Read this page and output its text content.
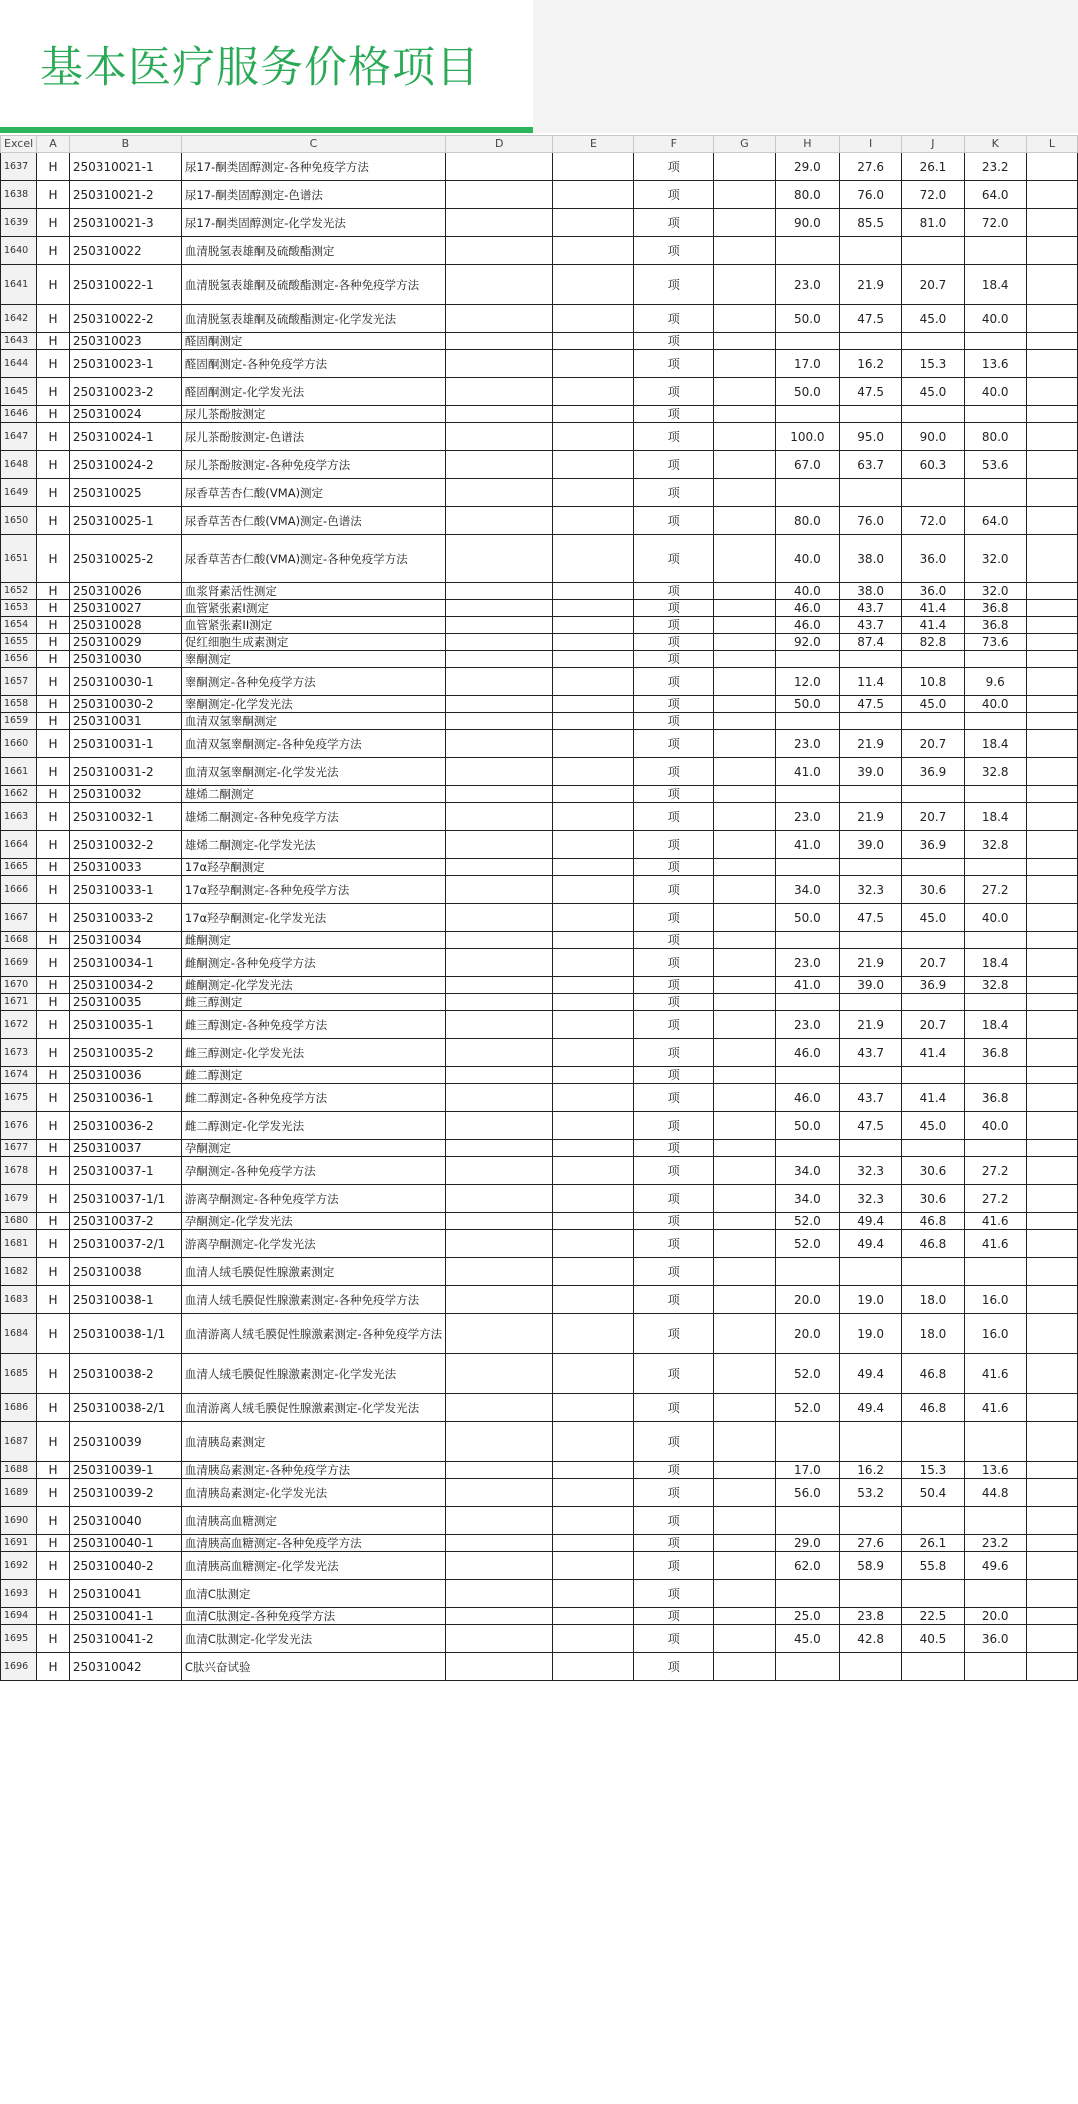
基本医疗服务价格项目
Excel	A	B	C	D	E	F	G	H	I	J	K	L
1637	H	250310021-1	尿17-酮类固醇测定-各种免疫学方法			项		29.0	27.6	26.1	23.2	
1638	H	250310021-2	尿17-酮类固醇测定-色谱法			项		80.0	76.0	72.0	64.0	
1639	H	250310021-3	尿17-酮类固醇测定-化学发光法			项		90.0	85.5	81.0	72.0	
1640	H	250310022	血清脱氢表雄酮及硫酸酯测定			项						
1641	H	250310022-1	血清脱氢表雄酮及硫酸酯测定-各种免疫学方法			项		23.0	21.9	20.7	18.4	
1642	H	250310022-2	血清脱氢表雄酮及硫酸酯测定-化学发光法			项		50.0	47.5	45.0	40.0	
1643	H	250310023	醛固酮测定			项						
1644	H	250310023-1	醛固酮测定-各种免疫学方法			项		17.0	16.2	15.3	13.6	
1645	H	250310023-2	醛固酮测定-化学发光法			项		50.0	47.5	45.0	40.0	
1646	H	250310024	尿儿茶酚胺测定			项						
1647	H	250310024-1	尿儿茶酚胺测定-色谱法			项		100.0	95.0	90.0	80.0	
1648	H	250310024-2	尿儿茶酚胺测定-各种免疫学方法			项		67.0	63.7	60.3	53.6	
1649	H	250310025	尿香草苦杏仁酸(VMA)测定			项						
1650	H	250310025-1	尿香草苦杏仁酸(VMA)测定-色谱法			项		80.0	76.0	72.0	64.0	
1651	H	250310025-2	尿香草苦杏仁酸(VMA)测定-各种免疫学方法			项		40.0	38.0	36.0	32.0	
1652	H	250310026	血浆肾素活性测定			项		40.0	38.0	36.0	32.0	
1653	H	250310027	血管紧张素I测定			项		46.0	43.7	41.4	36.8	
1654	H	250310028	血管紧张素II测定			项		46.0	43.7	41.4	36.8	
1655	H	250310029	促红细胞生成素测定			项		92.0	87.4	82.8	73.6	
1656	H	250310030	睾酮测定			项						
1657	H	250310030-1	睾酮测定-各种免疫学方法			项		12.0	11.4	10.8	9.6	
1658	H	250310030-2	睾酮测定-化学发光法			项		50.0	47.5	45.0	40.0	
1659	H	250310031	血清双氢睾酮测定			项						
1660	H	250310031-1	血清双氢睾酮测定-各种免疫学方法			项		23.0	21.9	20.7	18.4	
1661	H	250310031-2	血清双氢睾酮测定-化学发光法			项		41.0	39.0	36.9	32.8	
1662	H	250310032	雄烯二酮测定			项						
1663	H	250310032-1	雄烯二酮测定-各种免疫学方法			项		23.0	21.9	20.7	18.4	
1664	H	250310032-2	雄烯二酮测定-化学发光法			项		41.0	39.0	36.9	32.8	
1665	H	250310033	17α羟孕酮测定			项						
1666	H	250310033-1	17α羟孕酮测定-各种免疫学方法			项		34.0	32.3	30.6	27.2	
1667	H	250310033-2	17α羟孕酮测定-化学发光法			项		50.0	47.5	45.0	40.0	
1668	H	250310034	雌酮测定			项						
1669	H	250310034-1	雌酮测定-各种免疫学方法			项		23.0	21.9	20.7	18.4	
1670	H	250310034-2	雌酮测定-化学发光法			项		41.0	39.0	36.9	32.8	
1671	H	250310035	雌三醇测定			项						
1672	H	250310035-1	雌三醇测定-各种免疫学方法			项		23.0	21.9	20.7	18.4	
1673	H	250310035-2	雌三醇测定-化学发光法			项		46.0	43.7	41.4	36.8	
1674	H	250310036	雌二醇测定			项						
1675	H	250310036-1	雌二醇测定-各种免疫学方法			项		46.0	43.7	41.4	36.8	
1676	H	250310036-2	雌二醇测定-化学发光法			项		50.0	47.5	45.0	40.0	
1677	H	250310037	孕酮测定			项						
1678	H	250310037-1	孕酮测定-各种免疫学方法			项		34.0	32.3	30.6	27.2	
1679	H	250310037-1/1	游离孕酮测定-各种免疫学方法			项		34.0	32.3	30.6	27.2	
1680	H	250310037-2	孕酮测定-化学发光法			项		52.0	49.4	46.8	41.6	
1681	H	250310037-2/1	游离孕酮测定-化学发光法			项		52.0	49.4	46.8	41.6	
1682	H	250310038	血清人绒毛膜促性腺激素测定			项						
1683	H	250310038-1	血清人绒毛膜促性腺激素测定-各种免疫学方法			项		20.0	19.0	18.0	16.0	
1684	H	250310038-1/1	血清游离人绒毛膜促性腺激素测定-各种免疫学方法			项		20.0	19.0	18.0	16.0	
1685	H	250310038-2	血清人绒毛膜促性腺激素测定-化学发光法			项		52.0	49.4	46.8	41.6	
1686	H	250310038-2/1	血清游离人绒毛膜促性腺激素测定-化学发光法			项		52.0	49.4	46.8	41.6	
1687	H	250310039	血清胰岛素测定			项						
1688	H	250310039-1	血清胰岛素测定-各种免疫学方法			项		17.0	16.2	15.3	13.6	
1689	H	250310039-2	血清胰岛素测定-化学发光法			项		56.0	53.2	50.4	44.8	
1690	H	250310040	血清胰高血糖测定			项						
1691	H	250310040-1	血清胰高血糖测定-各种免疫学方法			项		29.0	27.6	26.1	23.2	
1692	H	250310040-2	血清胰高血糖测定-化学发光法			项		62.0	58.9	55.8	49.6	
1693	H	250310041	血清C肽测定			项						
1694	H	250310041-1	血清C肽测定-各种免疫学方法			项		25.0	23.8	22.5	20.0	
1695	H	250310041-2	血清C肽测定-化学发光法			项		45.0	42.8	40.5	36.0	
1696	H	250310042	C肽兴奋试验			项						
